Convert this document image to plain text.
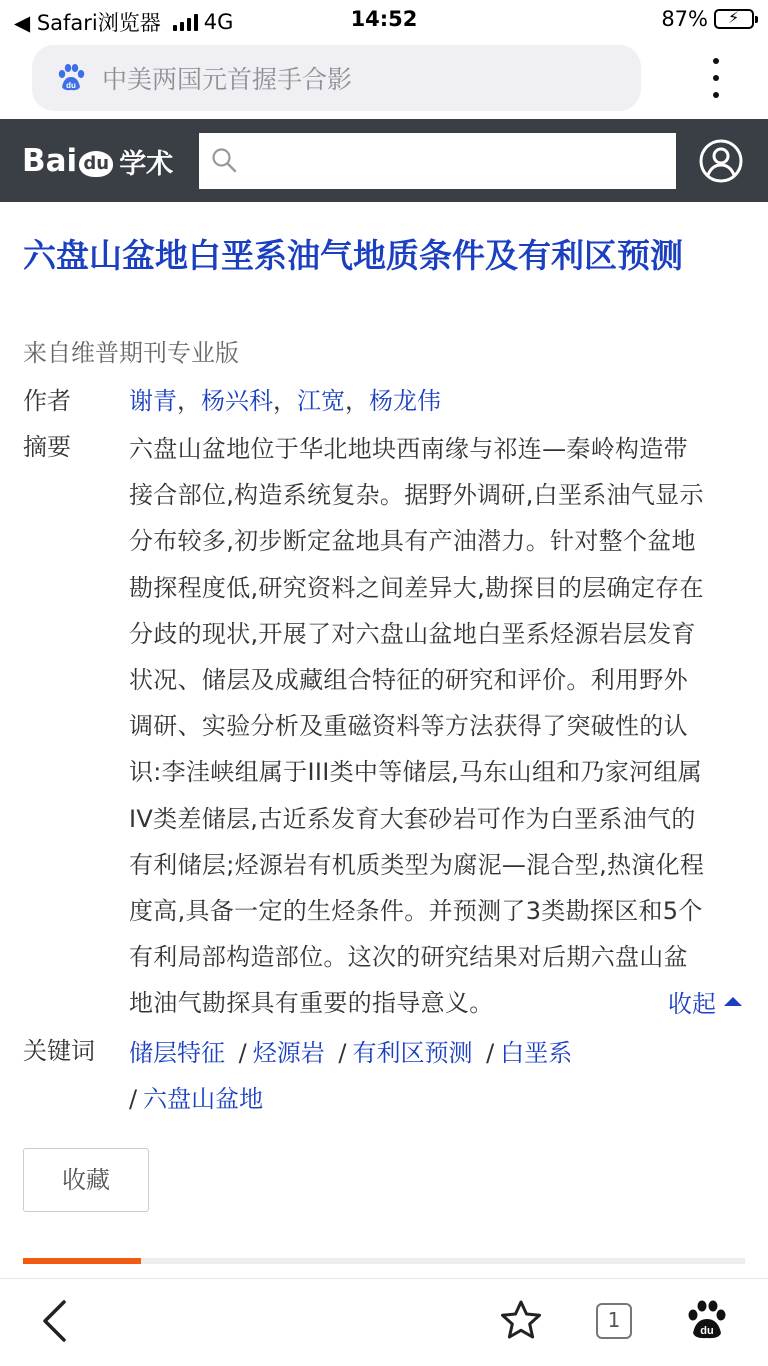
◀ Safari浏览器 4G	14:52	87% ⚡
du 中美两国元首握手合影
Bai du 学术
六盘山盆地白垩系油气地质条件及有利区预测
来自维普期刊专业版
作者 谢青，杨兴科，江宽，杨龙伟
摘要 六盘山盆地位于华北地块西南缘与祁连—秦岭构造带
接合部位,构造系统复杂。据野外调研,白垩系油气显示
分布较多,初步断定盆地具有产油潜力。针对整个盆地
勘探程度低,研究资料之间差异大,勘探目的层确定存在
分歧的现状,开展了对六盘山盆地白垩系烃源岩层发育
状况、储层及成藏组合特征的研究和评价。利用野外
调研、实验分析及重磁资料等方法获得了突破性的认
识:李洼峡组属于III类中等储层,马东山组和乃家河组属
IV类差储层,古近系发育大套砂岩可作为白垩系油气的
有利储层;烃源岩有机质类型为腐泥—混合型,热演化程
度高,具备一定的生烃条件。并预测了3类勘探区和5个
有利局部构造部位。这次的研究结果对后期六盘山盆
地油气勘探具有重要的指导意义。	收起
关键词 储层特征 / 烃源岩 / 有利区预测 / 白垩系
/ 六盘山盆地
收藏
1	du
